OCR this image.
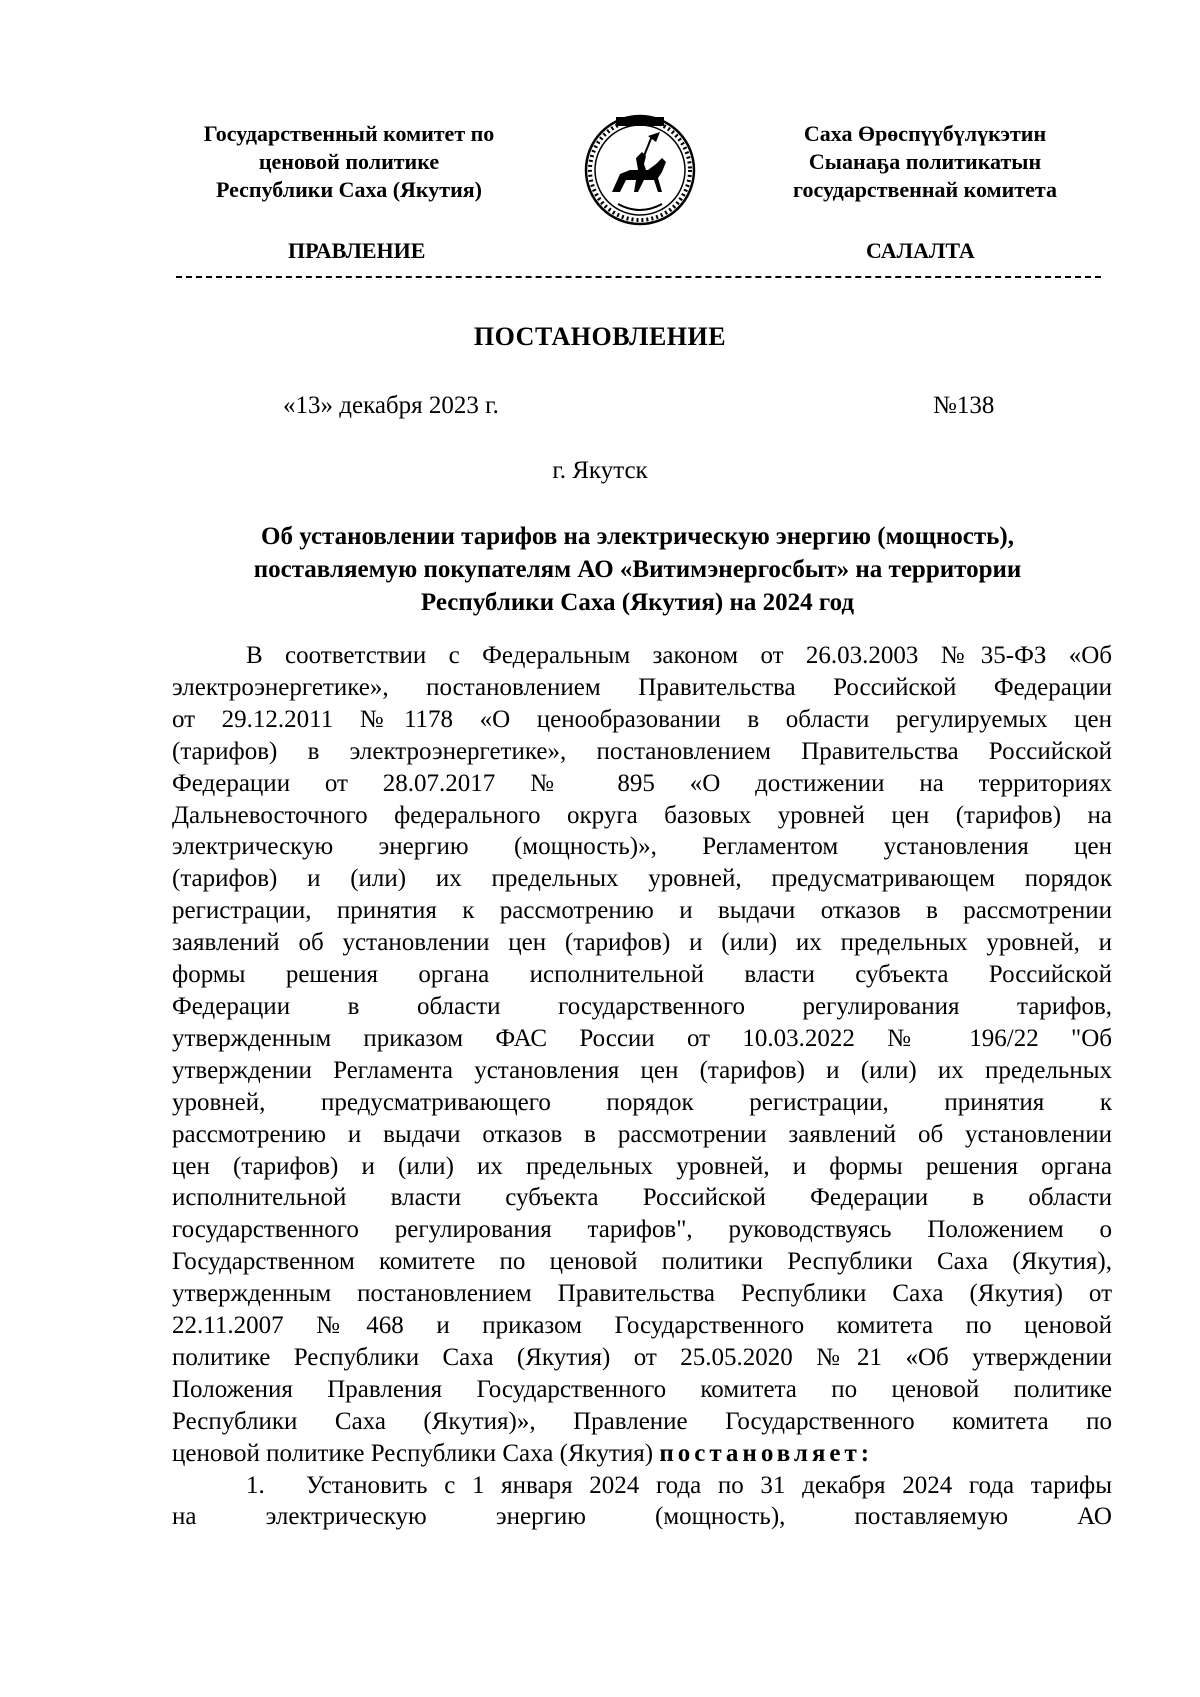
Государственный комитет по
ценовой политике
Республики Саха (Якутия)
Саха Өрөспүүбүлүкэтин
Сыанаҕа политикатын
государственнай комитета
ПРАВЛЕНИЕ	САЛАЛТА
ПОСТАНОВЛЕНИЕ
«13» декабря 2023 г.	№138
г. Якутск
Об установлении тарифов на электрическую энергию (мощность),
поставляемую покупателям АО «Витимэнергосбыт» на территории
Республики Саха (Якутия) на 2024 год
В соответствии с Федеральным законом от 26.03.2003 №35-ФЗ «Об
электроэнергетике», постановлением Правительства Российской Федерации
от 29.12.2011 №1178 «О ценообразовании в области регулируемых цен
(тарифов) в электроэнергетике», постановлением Правительства Российской
Федерации от 28.07.2017 № 895 «О достижении на территориях
Дальневосточного федерального округа базовых уровней цен (тарифов) на
электрическую энергию (мощность)», Регламентом установления цен
(тарифов) и (или) их предельных уровней, предусматривающем порядок
регистрации, принятия к рассмотрению и выдачи отказов в рассмотрении
заявлений об установлении цен (тарифов) и (или) их предельных уровней, и
формы решения органа исполнительной власти субъекта Российской
Федерации в области государственного регулирования тарифов,
утвержденным приказом ФАС России от 10.03.2022 № 196/22 "Об
утверждении Регламента установления цен (тарифов) и (или) их предельных
уровней, предусматривающего порядок регистрации, принятия к
рассмотрению и выдачи отказов в рассмотрении заявлений об установлении
цен (тарифов) и (или) их предельных уровней, и формы решения органа
исполнительной власти субъекта Российской Федерации в области
государственного регулирования тарифов", руководствуясь Положением о
Государственном комитете по ценовой политики Республики Саха (Якутия),
утвержденным постановлением Правительства Республики Саха (Якутия) от
22.11.2007 №468 и приказом Государственного комитета по ценовой
политике Республики Саха (Якутия) от 25.05.2020 №21 «Об утверждении
Положения Правления Государственного комитета по ценовой политике
Республики Саха (Якутия)», Правление Государственного комитета по
ценовой политике Республики Саха (Якутия) постановляет:
1. Установить с 1 января 2024 года по 31 декабря 2024 года тарифы
на электрическую энергию (мощность), поставляемую АО
